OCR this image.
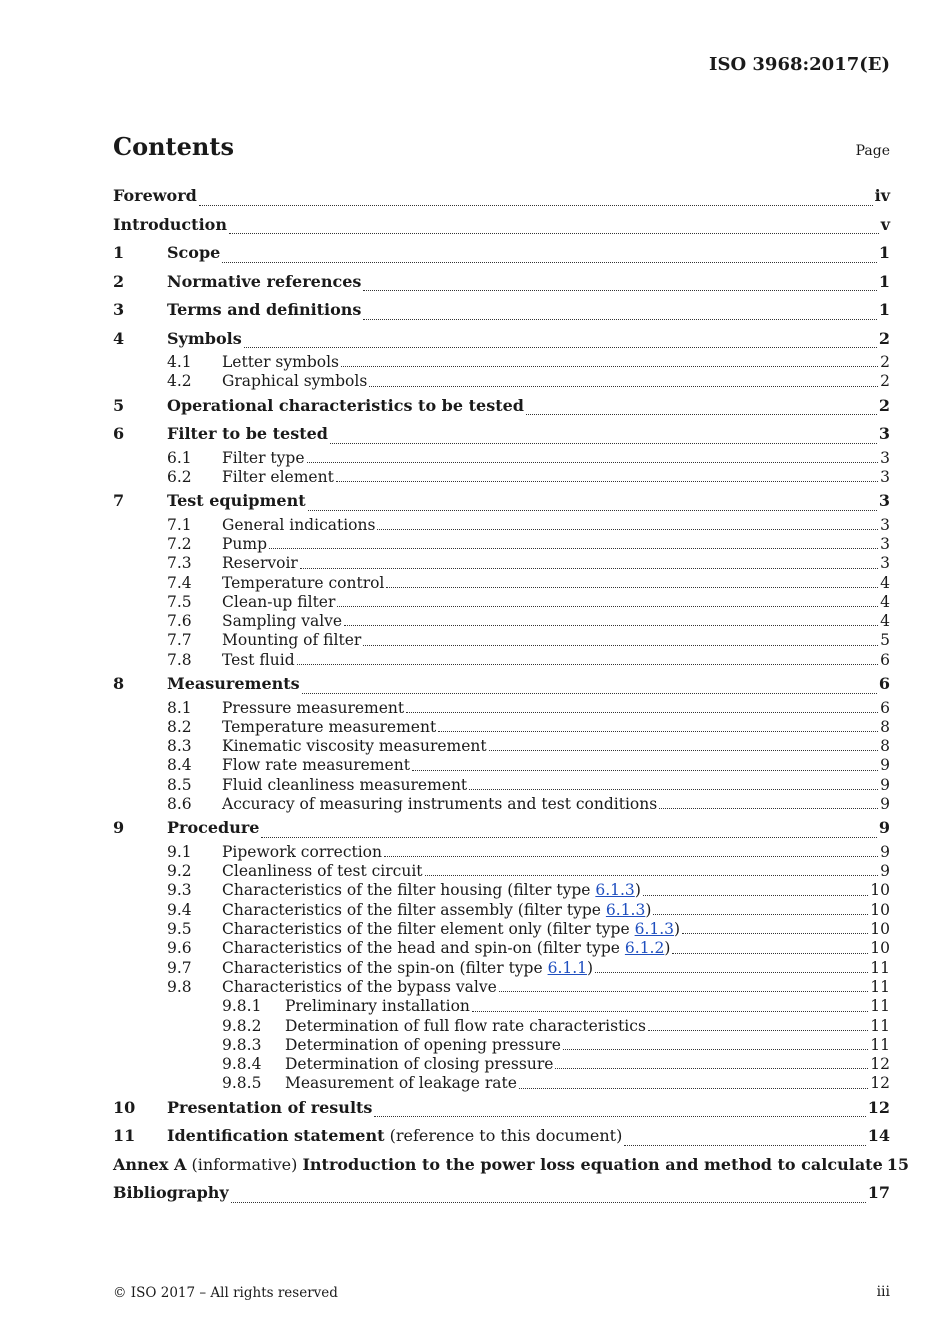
ISO 3968:2017(E)
Contents	Page
Foreword	iv
Introduction	v
1	Scope	1
2	Normative references	1
3	Terms and definitions	1
4	Symbols	2
4.1	Letter symbols	2
4.2	Graphical symbols	2
5	Operational characteristics to be tested	2
6	Filter to be tested	3
6.1	Filter type	3
6.2	Filter element	3
7	Test equipment	3
7.1	General indications	3
7.2	Pump	3
7.3	Reservoir	3
7.4	Temperature control	4
7.5	Clean-up filter	4
7.6	Sampling valve	4
7.7	Mounting of filter	5
7.8	Test fluid	6
8	Measurements	6
8.1	Pressure measurement	6
8.2	Temperature measurement	8
8.3	Kinematic viscosity measurement	8
8.4	Flow rate measurement	9
8.5	Fluid cleanliness measurement	9
8.6	Accuracy of measuring instruments and test conditions	9
9	Procedure	9
9.1	Pipework correction	9
9.2	Cleanliness of test circuit	9
9.3	Characteristics of the filter housing (filter type 6.1.3)	10
9.4	Characteristics of the filter assembly (filter type 6.1.3)	10
9.5	Characteristics of the filter element only (filter type 6.1.3)	10
9.6	Characteristics of the head and spin-on (filter type 6.1.2)	10
9.7	Characteristics of the spin-on (filter type 6.1.1)	11
9.8	Characteristics of the bypass valve	11
9.8.1	Preliminary installation	11
9.8.2	Determination of full flow rate characteristics	11
9.8.3	Determination of opening pressure	11
9.8.4	Determination of closing pressure	12
9.8.5	Measurement of leakage rate	12
10	Presentation of results	12
11	Identification statement (reference to this document)	14
Annex A (informative) Introduction to the power loss equation and method to calculate 15
Bibliography	17
© ISO 2017 – All rights reserved	iii
